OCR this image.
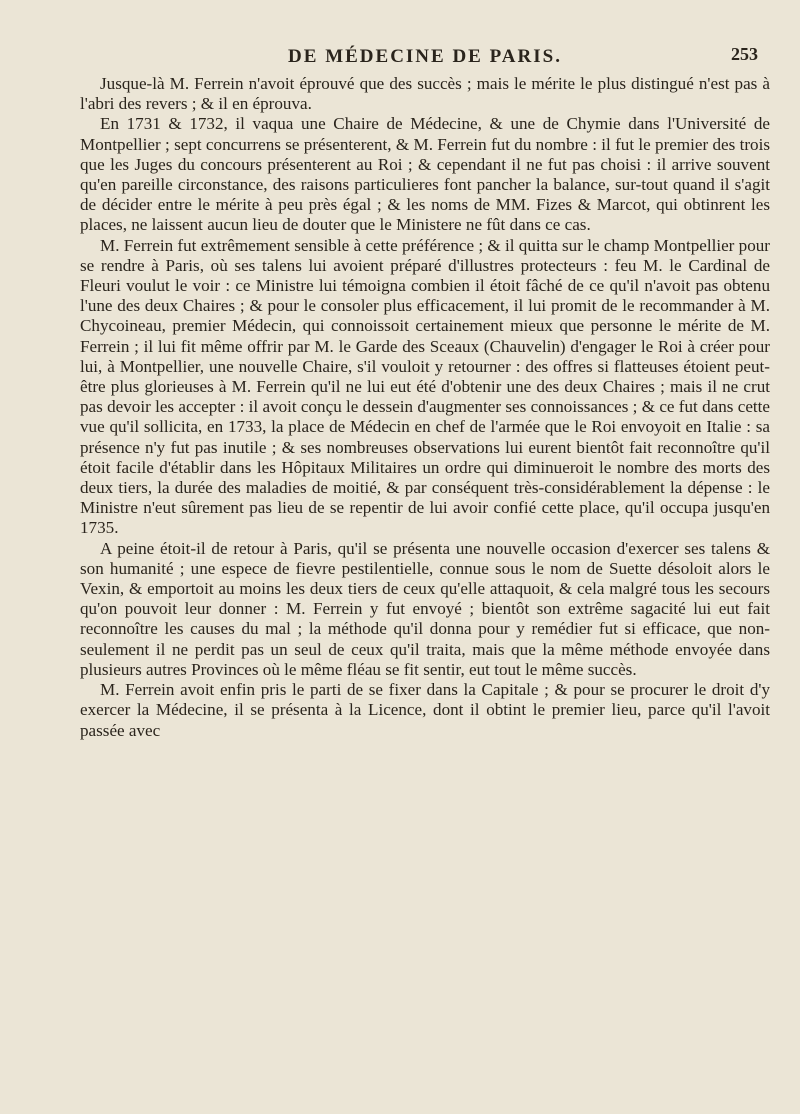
DE MÉDECINE DE PARIS.	253

Jusque-là M. Ferrein n'avoit éprouvé que des succès ; mais le mérite le plus distingué n'est pas à l'abri des revers ; & il en éprouva.

En 1731 & 1732, il vaqua une Chaire de Médecine, & une de Chymie dans l'Université de Montpellier ; sept concurrens se présenterent, & M. Ferrein fut du nombre : il fut le premier des trois que les Juges du concours présenterent au Roi ; & cependant il ne fut pas choisi : il arrive souvent qu'en pareille circonstance, des raisons particulieres font pancher la balance, sur-tout quand il s'agit de décider entre le mérite à peu près égal ; & les noms de MM. Fizes & Marcot, qui obtinrent les places, ne laissent aucun lieu de douter que le Ministere ne fût dans ce cas.

M. Ferrein fut extrêmement sensible à cette préférence ; & il quitta sur le champ Montpellier pour se rendre à Paris, où ses talens lui avoient préparé d'illustres protecteurs : feu M. le Cardinal de Fleuri voulut le voir : ce Ministre lui témoigna combien il étoit fâché de ce qu'il n'avoit pas obtenu l'une des deux Chaires ; & pour le consoler plus efficacement, il lui promit de le recommander à M. Chycoineau, premier Médecin, qui connoissoit certainement mieux que personne le mérite de M. Ferrein ; il lui fit même offrir par M. le Garde des Sceaux (Chauvelin) d'engager le Roi à créer pour lui, à Montpellier, une nouvelle Chaire, s'il vouloit y retourner : des offres si flatteuses étoient peut-être plus glorieuses à M. Ferrein qu'il ne lui eut été d'obtenir une des deux Chaires ; mais il ne crut pas devoir les accepter : il avoit conçu le dessein d'augmenter ses connoissances ; & ce fut dans cette vue qu'il sollicita, en 1733, la place de Médecin en chef de l'armée que le Roi envoyoit en Italie : sa présence n'y fut pas inutile ; & ses nombreuses observations lui eurent bientôt fait reconnoître qu'il étoit facile d'établir dans les Hôpitaux Militaires un ordre qui diminueroit le nombre des morts des deux tiers, la durée des maladies de moitié, & par conséquent très-considérablement la dépense : le Ministre n'eut sûrement pas lieu de se repentir de lui avoir confié cette place, qu'il occupa jusqu'en 1735.

A peine étoit-il de retour à Paris, qu'il se présenta une nouvelle occasion d'exercer ses talens & son humanité ; une espece de fievre pestilentielle, connue sous le nom de Suette désoloit alors le Vexin, & emportoit au moins les deux tiers de ceux qu'elle attaquoit, & cela malgré tous les secours qu'on pouvoit leur donner : M. Ferrein y fut envoyé ; bientôt son extrême sagacité lui eut fait reconnoître les causes du mal ; la méthode qu'il donna pour y remédier fut si efficace, que non-seulement il ne perdit pas un seul de ceux qu'il traita, mais que la même méthode envoyée dans plusieurs autres Provinces où le même fléau se fit sentir, eut tout le même succès.

M. Ferrein avoit enfin pris le parti de se fixer dans la Capitale ; & pour se procurer le droit d'y exercer la Médecine, il se présenta à la Licence, dont il obtint le premier lieu, parce qu'il l'avoit passée avec
